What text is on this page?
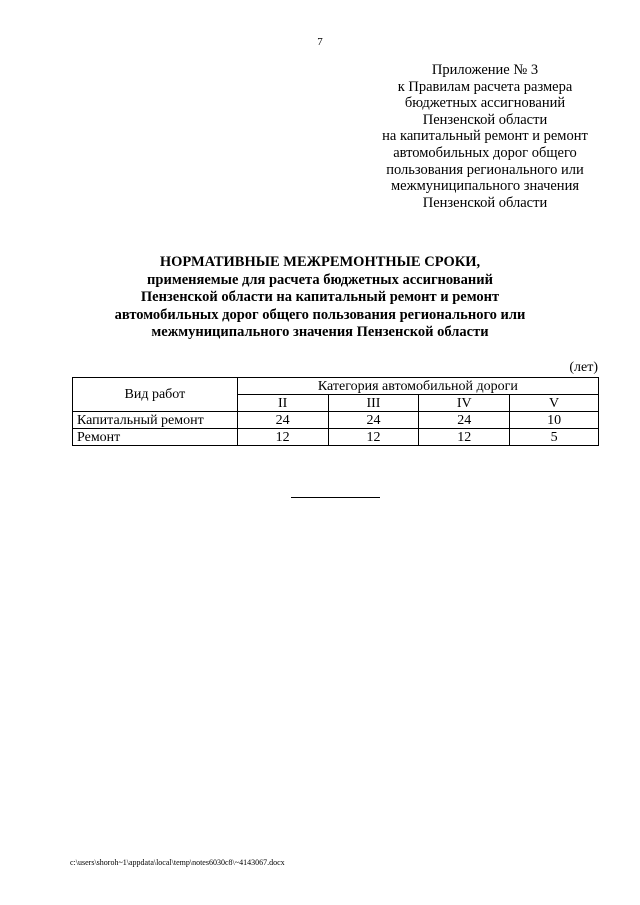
7
Приложение № 3
к Правилам расчета размера
бюджетных ассигнований
Пензенской области
на капитальный ремонт и ремонт
автомобильных дорог общего
пользования регионального или
межмуниципального значения
Пензенской области
НОРМАТИВНЫЕ МЕЖРЕМОНТНЫЕ СРОКИ,
применяемые для расчета бюджетных ассигнований
Пензенской области на капитальный ремонт и ремонт
автомобильных дорог общего пользования регионального или
межмуниципального значения Пензенской области
(лет)
Вид работ	Категория автомобильной дороги			
	II	III	IV	V
Капитальный ремонт	24	24	24	10
Ремонт	12	12	12	5
c:\users\shoroh~1\appdata\local\temp\notes6030c8\~4143067.docx
